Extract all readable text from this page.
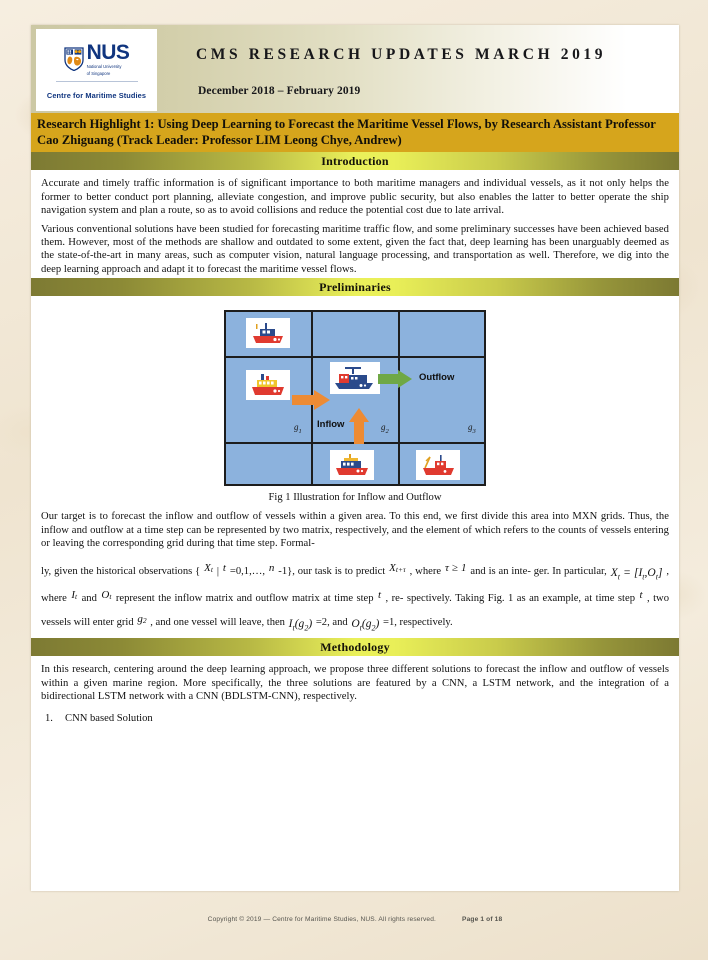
NUS
National University
of Singapore
Centre for Maritime Studies
CMS RESEARCH UPDATES MARCH 2019
December 2018 – February 2019
Research Highlight 1: Using Deep Learning to Forecast the Maritime Vessel Flows, by Research Assistant Professor Cao Zhiguang (Track Leader: Professor LIM Leong Chye, Andrew)
Introduction

Accurate and timely traffic information is of significant importance to both maritime managers and individual vessels, as it not only helps the former to better conduct port planning, alleviate congestion, and improve public security, but also enables the latter to better operate the ship navigation system and plan a route, so as to avoid collisions and reduce the potential cost due to late arrival.

Various conventional solutions have been studied for forecasting maritime traffic flow, and some preliminary successes have been achieved based them. However, most of the methods are shallow and outdated to some extent, given the fact that, deep learning has been unarguably deemed as the state-of-the-art in many areas, such as computer vision, natural language processing, and transportation as well. Therefore, we dig into the deep learning approach and adapt it to forecast the maritime vessel flows.

Preliminaries
Inflow
Outflow
$g_1$	$g_2$	$g_3$
Fig 1 Illustration for Inflow and Outflow

Our target is to forecast the inflow and outflow of vessels within a given area. To this end, we first divide this area into MXN grids. Thus, the inflow and outflow at a time step can be represented by two matrix, respectively, and the element of which refers to the counts of vessels entering or leaving the corresponding grid during that time step. Formal-

ly, given the historical observations { $X_t$ | t =0,1,…, n -1}, our task is to predict $X_{t+\tau}$ , where τ ≥ 1 and is an inte- ger. In particular, $X_t = [I_t,O_t]$ , where $I_t$ and $O_t$ represent the inflow matrix and outflow matrix at time step t , re- spectively. Taking Fig. 1 as an example, at time step t , two vessels will enter grid $g_2$ , and one vessel will leave, then $I_t(g_2) =2$, and $O_t(g_2) =1$, respectively.

Methodology

In this research, centering around the deep learning approach, we propose three different solutions to forecast the inflow and outflow of vessels within a given marine region. More specifically, the three solutions are featured by a CNN, a LSTM network, and the integration of a bidirectional LSTM network with a CNN (BDLSTM-CNN), respectively.

1. CNN based Solution
Copyright © 2019 — Centre for Maritime Studies, NUS. All rights reserved.	Page 1 of 18
